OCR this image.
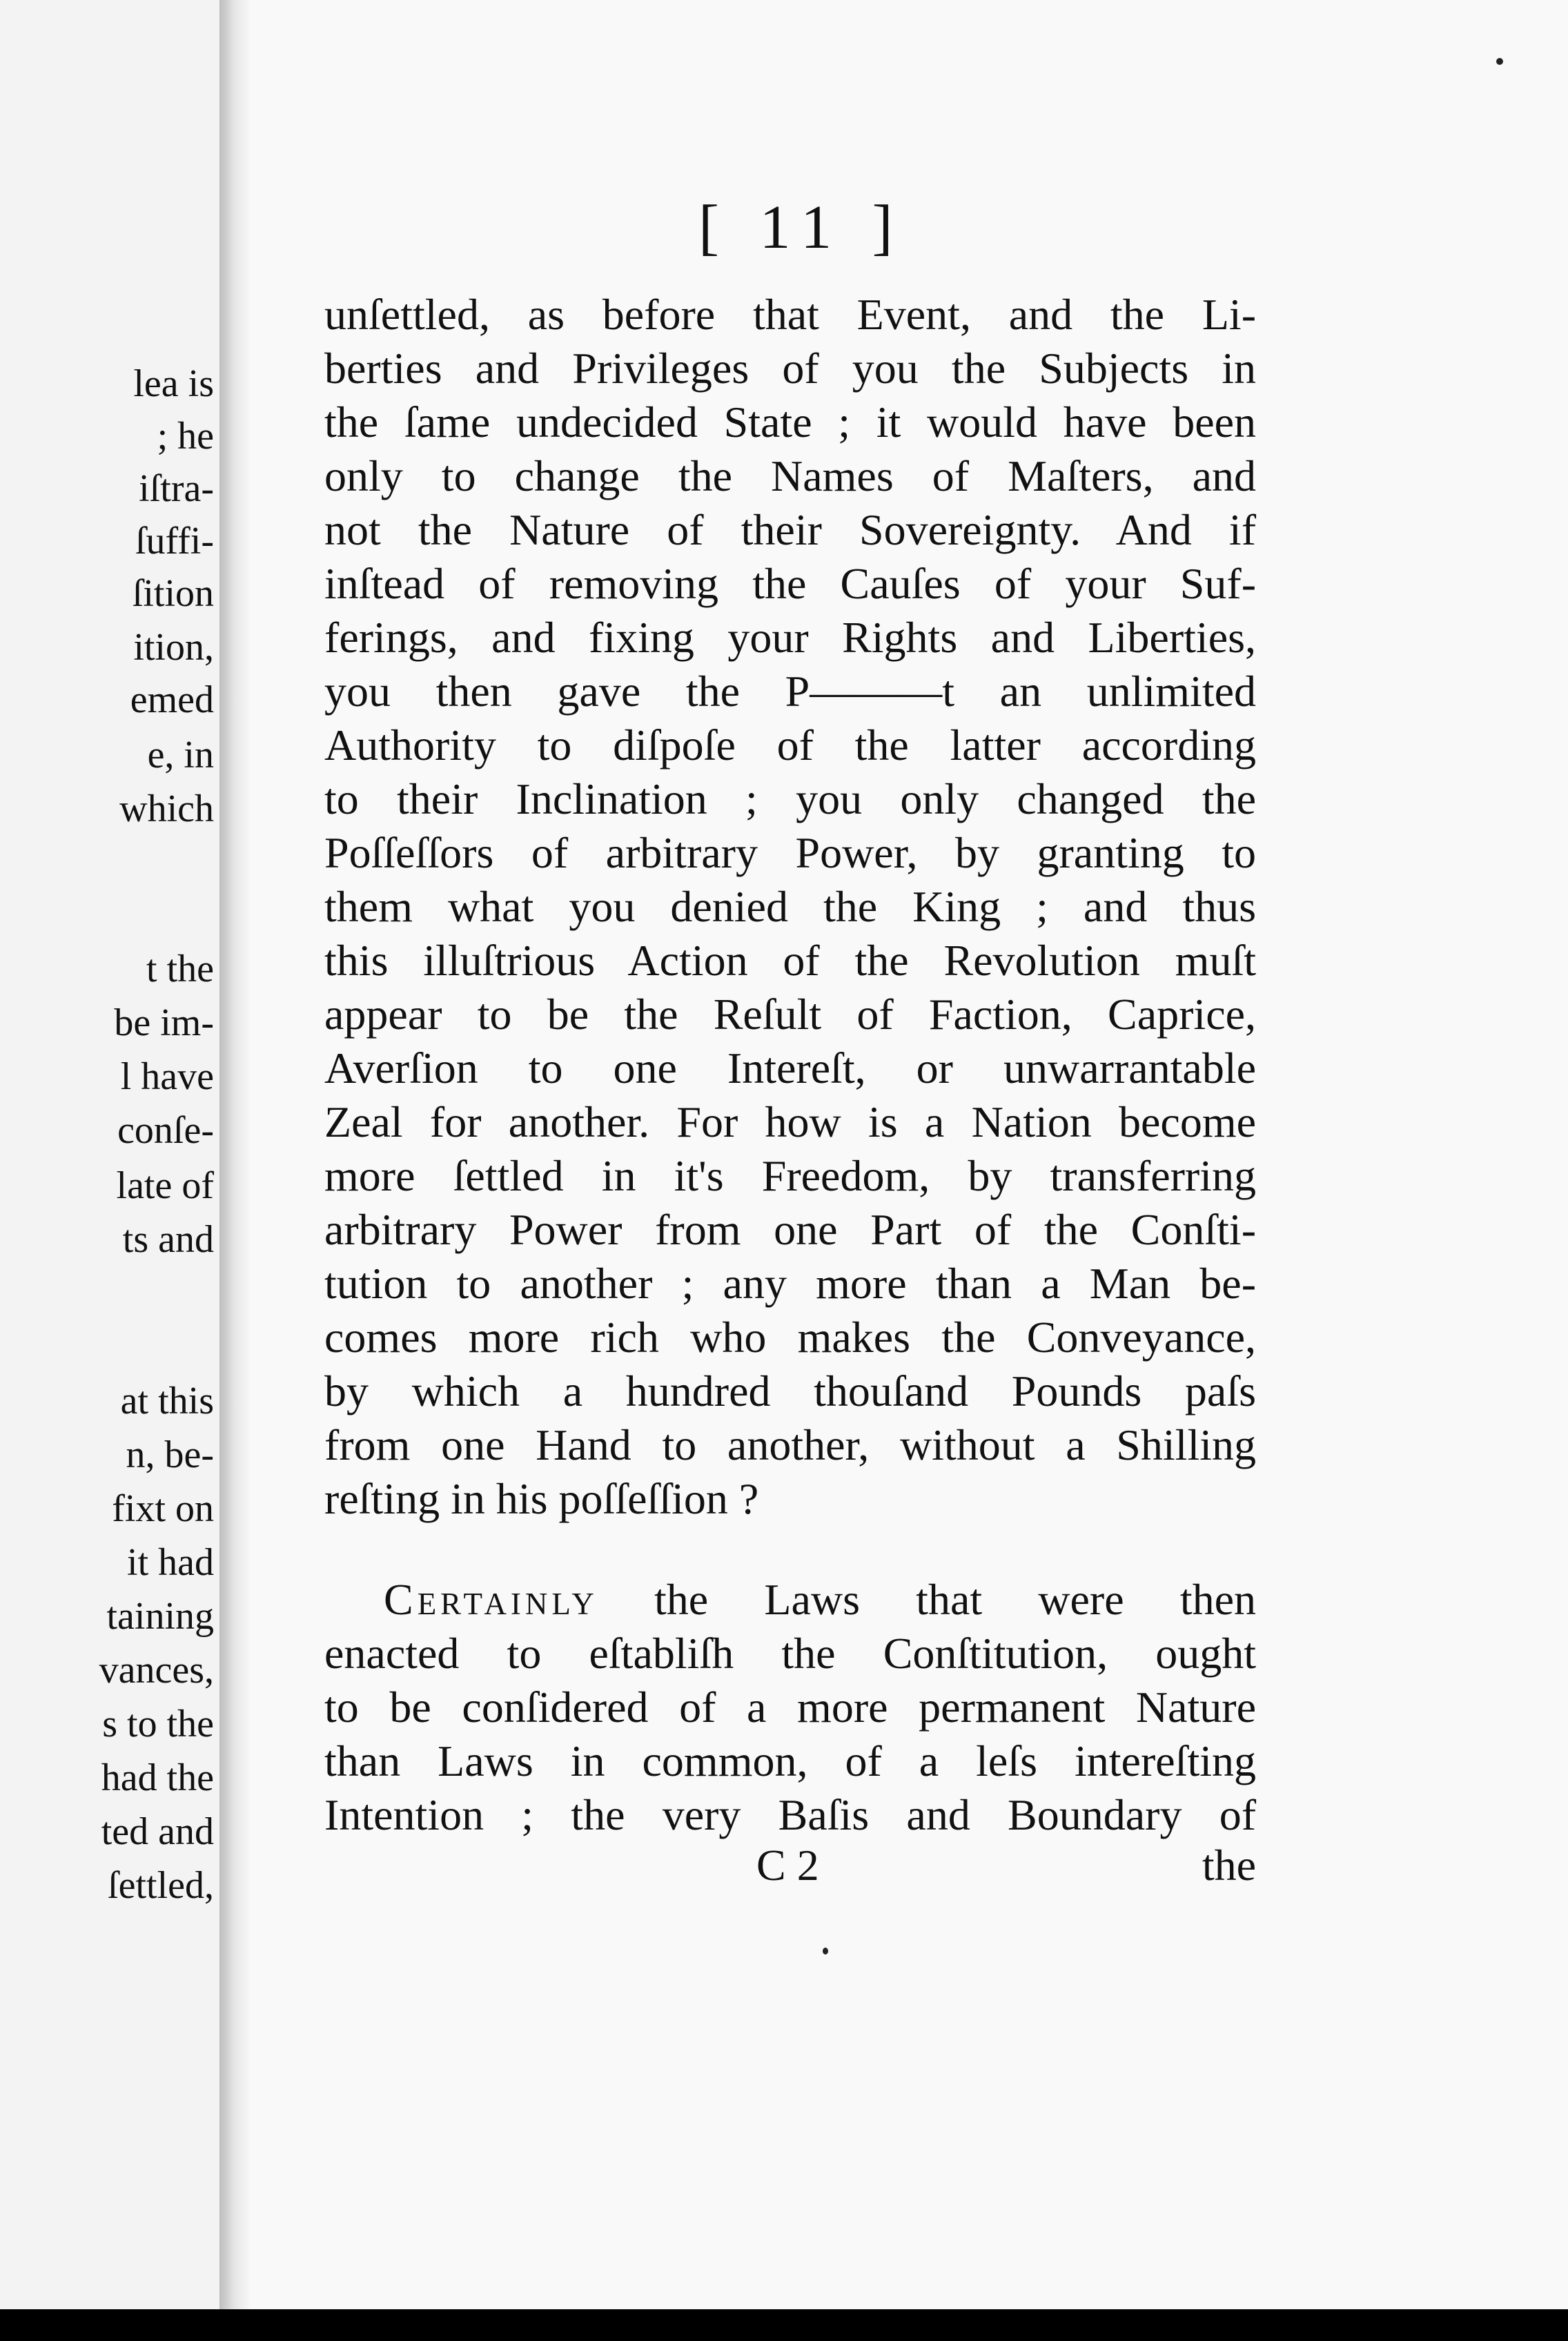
lea is
; he
iſtra-
ſuffi-
ſition
ition,
emed
e, in
which
t the
be im-
l have
conſe-
late of
ts and
at this
n, be-
fixt on
it had
taining
vances,
s to the
had the
ted and
ſettled,
[ 11 ]
unſettled, as before that Event, and the Li-
berties and Privileges of you the Subjects in
the ſame undecided State ; it would have been
only to change the Names of Maſters, and
not the Nature of their Sovereignty. And if
inſtead of removing the Cauſes of your Suf-
ferings, and fixing your Rights and Liberties,
you then gave the P———t an unlimited
Authority to diſpoſe of the latter according
to their Inclination ; you only changed the
Poſſeſſors of arbitrary Power, by granting to
them what you denied the King ; and thus
this illuſtrious Action of the Revolution muſt
appear to be the Reſult of Faction, Caprice,
Averſion to one Intereſt, or unwarrantable
Zeal for another. For how is a Nation become
more ſettled in it's Freedom, by transferring
arbitrary Power from one Part of the Conſti-
tution to another ; any more than a Man be-
comes more rich who makes the Conveyance,
by which a hundred thouſand Pounds paſs
from one Hand to another, without a Shilling
reſting in his poſſeſſion ?
Certainly the Laws that were then
enacted to eſtabliſh the Conſtitution, ought
to be conſidered of a more permanent Nature
than Laws in common, of a leſs intereſting
Intention ; the very Baſis and Boundary of
C 2	the
